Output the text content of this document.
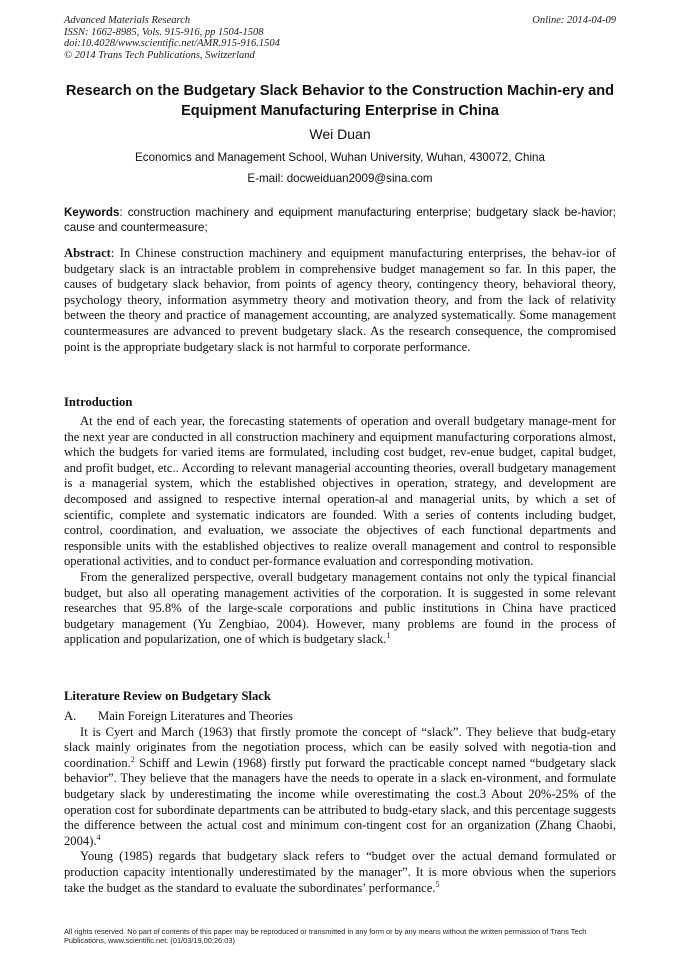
Advanced Materials Research
ISSN: 1662-8985, Vols. 915-916, pp 1504-1508
doi:10.4028/www.scientific.net/AMR.915-916.1504
© 2014 Trans Tech Publications, Switzerland
Online: 2014-04-09
Research on the Budgetary Slack Behavior to the Construction Machin-ery and Equipment Manufacturing Enterprise in China
Wei Duan
Economics and Management School, Wuhan University, Wuhan, 430072, China
E-mail: docweiduan2009@sina.com
Keywords: construction machinery and equipment manufacturing enterprise; budgetary slack be-havior; cause and countermeasure;
Abstract: In Chinese construction machinery and equipment manufacturing enterprises, the behav-ior of budgetary slack is an intractable problem in comprehensive budget management so far. In this paper, the causes of budgetary slack behavior, from points of agency theory, contingency theory, behavioral theory, psychology theory, information asymmetry theory and motivation theory, and from the lack of relativity between the theory and practice of management accounting, are analyzed systematically. Some management countermeasures are advanced to prevent budgetary slack. As the research consequence, the compromised point is the appropriate budgetary slack is not harmful to corporate performance.
Introduction

At the end of each year, the forecasting statements of operation and overall budgetary manage-ment for the next year are conducted in all construction machinery and equipment manufacturing corporations almost, which the budgets for varied items are formulated, including cost budget, rev-enue budget, capital budget, and profit budget, etc.. According to relevant managerial accounting theories, overall budgetary management is a managerial system, which the established objectives in operation, strategy, and development are decomposed and assigned to respective internal operation-al and managerial units, by which a set of scientific, complete and systematic indicators are founded. With a series of contents including budget, control, coordination, and evaluation, we associate the objectives of each functional departments and responsible units with the established objectives to realize overall management and control to responsible operational activities, and to conduct per-formance evaluation and corresponding motivation.

From the generalized perspective, overall budgetary management contains not only the typical financial budget, but also all operating management activities of the corporation. It is suggested in some relevant researches that 95.8% of the large-scale corporations and public institutions in China have practiced budgetary management (Yu Zengbiao, 2004). However, many problems are found in the process of application and popularization, one of which is budgetary slack.$^1$

Literature Review on Budgetary Slack

A. Main Foreign Literatures and Theories

It is Cyert and March (1963) that firstly promote the concept of “slack”. They believe that budg-etary slack mainly originates from the negotiation process, which can be easily solved with negotia-tion and coordination.$^2$ Schiff and Lewin (1968) firstly put forward the practicable concept named “budgetary slack behavior”. They believe that the managers have the needs to operate in a slack en-vironment, and formulate budgetary slack by underestimating the income while overestimating the cost.3 About 20%-25% of the operation cost for subordinate departments can be attributed to budg-etary slack, and this percentage suggests the difference between the actual cost and minimum con-tingent cost for an organization (Zhang Chaobi, 2004).$^4$

Young (1985) regards that budgetary slack refers to “budget over the actual demand formulated or production capacity intentionally underestimated by the manager”. It is more obvious when the superiors take the budget as the standard to evaluate the subordinates’ performance.$^5$

All rights reserved. No part of contents of this paper may be reproduced or transmitted in any form or by any means without the written permission of Trans Tech Publications, www.scientific.net. (01/03/19,00:26:03)
